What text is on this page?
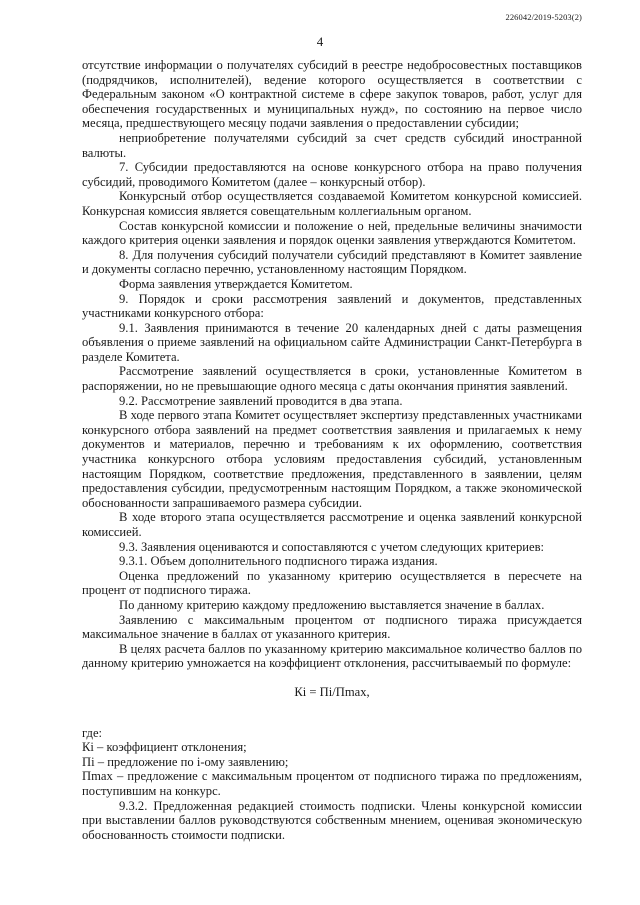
226042/2019-5203(2)
4

отсутствие информации о получателях субсидий в реестре недобросовестных поставщиков (подрядчиков, исполнителей), ведение которого осуществляется в соответствии с Федеральным законом «О контрактной системе в сфере закупок товаров, работ, услуг для обеспечения государственных и муниципальных нужд», по состоянию на первое число месяца, предшествующего месяцу подачи заявления о предоставлении субсидии;

неприобретение получателями субсидий за счет средств субсидий иностранной валюты.

7. Субсидии предоставляются на основе конкурсного отбора на право получения субсидий, проводимого Комитетом (далее – конкурсный отбор).

Конкурсный отбор осуществляется создаваемой Комитетом конкурсной комиссией. Конкурсная комиссия является совещательным коллегиальным органом.

Состав конкурсной комиссии и положение о ней, предельные величины значимости каждого критерия оценки заявления и порядок оценки заявления утверждаются Комитетом.

8. Для получения субсидий получатели субсидий представляют в Комитет заявление и документы согласно перечню, установленному настоящим Порядком.

Форма заявления утверждается Комитетом.

9. Порядок и сроки рассмотрения заявлений и документов, представленных участниками конкурсного отбора:

9.1. Заявления принимаются в течение 20 календарных дней с даты размещения объявления о приеме заявлений на официальном сайте Администрации Санкт-Петербурга в разделе Комитета.

Рассмотрение заявлений осуществляется в сроки, установленные Комитетом в распоряжении, но не превышающие одного месяца с даты окончания принятия заявлений.

9.2. Рассмотрение заявлений проводится в два этапа.

В ходе первого этапа Комитет осуществляет экспертизу представленных участниками конкурсного отбора заявлений на предмет соответствия заявления и прилагаемых к нему документов и материалов, перечню и требованиям к их оформлению, соответствия участника конкурсного отбора условиям предоставления субсидий, установленным настоящим Порядком, соответствие предложения, представленного в заявлении, целям предоставления субсидии, предусмотренным настоящим Порядком, а также экономической обоснованности запрашиваемого размера субсидии.

В ходе второго этапа осуществляется рассмотрение и оценка заявлений конкурсной комиссией.

9.3. Заявления оцениваются и сопоставляются с учетом следующих критериев:

9.3.1. Объем дополнительного подписного тиража издания.

Оценка предложений по указанному критерию осуществляется в пересчете на процент от подписного тиража.

По данному критерию каждому предложению выставляется значение в баллах.

Заявлению с максимальным процентом от подписного тиража присуждается максимальное значение в баллах от указанного критерия.

В целях расчета баллов по указанному критерию максимальное количество баллов по данному критерию умножается на коэффициент отклонения, рассчитываемый по формуле:

Кi = Пi/Пmax,

где:

Кi – коэффициент отклонения;

Пi – предложение по i-ому заявлению;

Пmax – предложение с максимальным процентом от подписного тиража по предложениям, поступившим на конкурс.

9.3.2. Предложенная редакцией стоимость подписки. Члены конкурсной комиссии при выставлении баллов руководствуются собственным мнением, оценивая экономическую обоснованность стоимости подписки.
